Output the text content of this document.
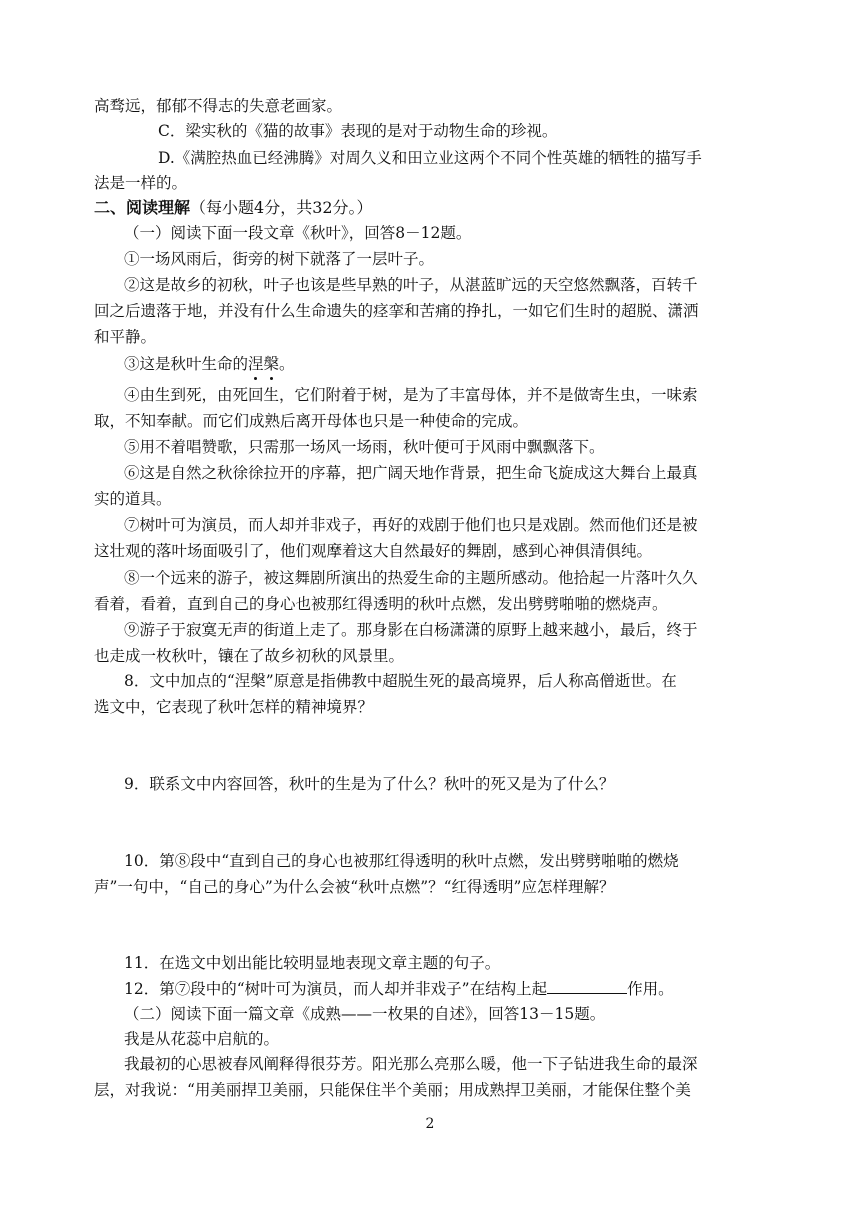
高骛远，郁郁不得志的失意老画家。
C．梁实秋的《猫的故事》表现的是对于动物生命的珍视。
D.《满腔热血已经沸腾》对周久义和田立业这两个不同个性英雄的牺牲的描写手
法是一样的。
二、阅读理解（每小题4分，共32分。）
（一）阅读下面一段文章《秋叶》，回答8－12题。
①一场风雨后，街旁的树下就落了一层叶子。
②这是故乡的初秋，叶子也该是些早熟的叶子，从湛蓝旷远的天空悠然飘落，百转千
回之后遗落于地，并没有什么生命遗失的痉挛和苦痛的挣扎，一如它们生时的超脱、潇洒
和平静。
③这是秋叶生命的涅槃。
④由生到死，由死回生，它们附着于树，是为了丰富母体，并不是做寄生虫，一味索
取，不知奉献。而它们成熟后离开母体也只是一种使命的完成。
⑤用不着唱赞歌，只需那一场风一场雨，秋叶便可于风雨中飘飘落下。
⑥这是自然之秋徐徐拉开的序幕，把广阔天地作背景，把生命飞旋成这大舞台上最真
实的道具。
⑦树叶可为演员，而人却并非戏子，再好的戏剧于他们也只是戏剧。然而他们还是被
这壮观的落叶场面吸引了，他们观摩着这大自然最好的舞剧，感到心神俱清俱纯。
⑧一个远来的游子，被这舞剧所演出的热爱生命的主题所感动。他拾起一片落叶久久
看着，看着，直到自己的身心也被那红得透明的秋叶点燃，发出劈劈啪啪的燃烧声。
⑨游子于寂寞无声的街道上走了。那身影在白杨潇潇的原野上越来越小，最后，终于
也走成一枚秋叶，镶在了故乡初秋的风景里。
8．文中加点的“涅槃”原意是指佛教中超脱生死的最高境界，后人称高僧逝世。在
选文中，它表现了秋叶怎样的精神境界？
9．联系文中内容回答，秋叶的生是为了什么？秋叶的死又是为了什么？
10．第⑧段中“直到自己的身心也被那红得透明的秋叶点燃，发出劈劈啪啪的燃烧
声”一句中，“自己的身心”为什么会被“秋叶点燃”？“红得透明”应怎样理解？
11．在选文中划出能比较明显地表现文章主题的句子。
12．第⑦段中的“树叶可为演员，而人却并非戏子”在结构上起	作用。
（二）阅读下面一篇文章《成熟——一枚果的自述》，回答13－15题。
我是从花蕊中启航的。
我最初的心思被春风阐释得很芬芳。阳光那么亮那么暖，他一下子钻进我生命的最深
层，对我说：“用美丽捍卫美丽，只能保住半个美丽；用成熟捍卫美丽，才能保住整个美
2
